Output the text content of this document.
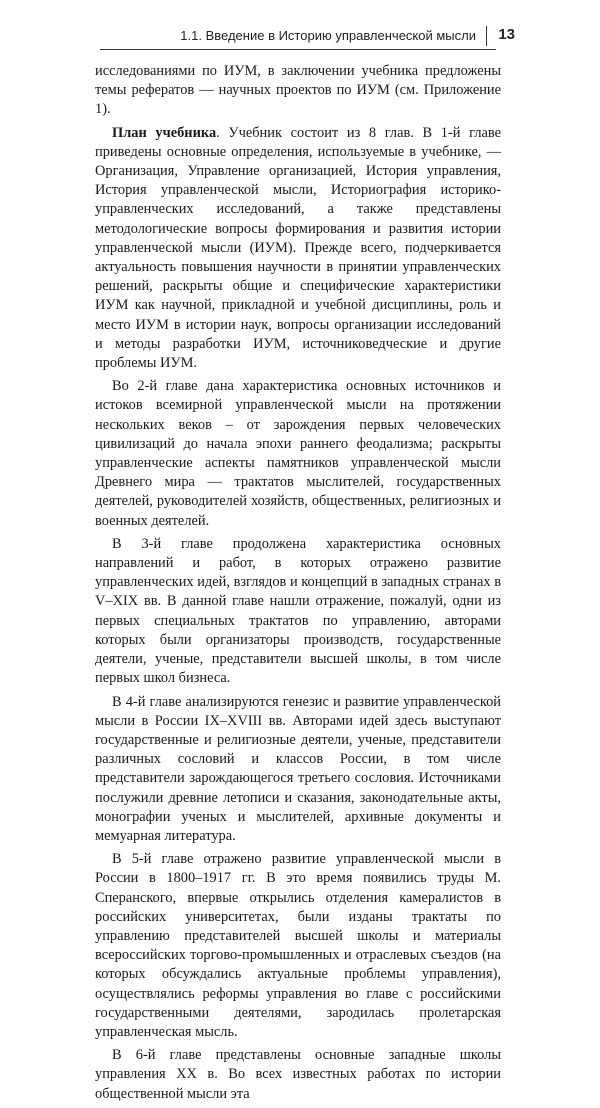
1.1. Введение в Историю управленческой мысли 13

исследованиями по ИУМ, в заключении учебника предложены темы рефератов — научных проектов по ИУМ (см. Приложение 1).

План учебника. Учебник состоит из 8 глав. В 1-й главе приведены основные определения, используемые в учебнике, — Организация, Управление организацией, История управления, История управленческой мысли, Историография историко-управленческих исследований, а также представлены методологические вопросы формирования и развития истории управленческой мысли (ИУМ). Прежде всего, подчеркивается актуальность повышения научности в принятии управленческих решений, раскрыты общие и специфические характеристики ИУМ как научной, прикладной и учебной дисциплины, роль и место ИУМ в истории наук, вопросы организации исследований и методы разработки ИУМ, источниковедческие и другие проблемы ИУМ.

Во 2-й главе дана характеристика основных источников и истоков всемирной управленческой мысли на протяжении нескольких веков – от зарождения первых человеческих цивилизаций до начала эпохи раннего феодализма; раскрыты управленческие аспекты памятников управленческой мысли Древнего мира — трактатов мыслителей, государственных деятелей, руководителей хозяйств, общественных, религиозных и военных деятелей.

В 3-й главе продолжена характеристика основных направлений и работ, в которых отражено развитие управленческих идей, взглядов и концепций в западных странах в V–XIX вв. В данной главе нашли отражение, пожалуй, одни из первых специальных трактатов по управлению, авторами которых были организаторы производств, государственные деятели, ученые, представители высшей школы, в том числе первых школ бизнеса.

В 4-й главе анализируются генезис и развитие управленческой мысли в России IX–XVIII вв. Авторами идей здесь выступают государственные и религиозные деятели, ученые, представители различных сословий и классов России, в том числе представители зарождающегося третьего сословия. Источниками послужили древние летописи и сказания, законодательные акты, монографии ученых и мыслителей, архивные документы и мемуарная литература.

В 5-й главе отражено развитие управленческой мысли в России в 1800–1917 гг. В это время появились труды М. Сперанского, впервые открылись отделения камералистов в российских университетах, были изданы трактаты по управлению представителей высшей школы и материалы всероссийских торгово-промышленных и отраслевых съездов (на которых обсуждались актуальные проблемы управления), осуществлялись реформы управления во главе с российскими государственными деятелями, зародилась пролетарская управленческая мысль.

В 6-й главе представлены основные западные школы управления XX в. Во всех известных работах по истории общественной мысли эта
